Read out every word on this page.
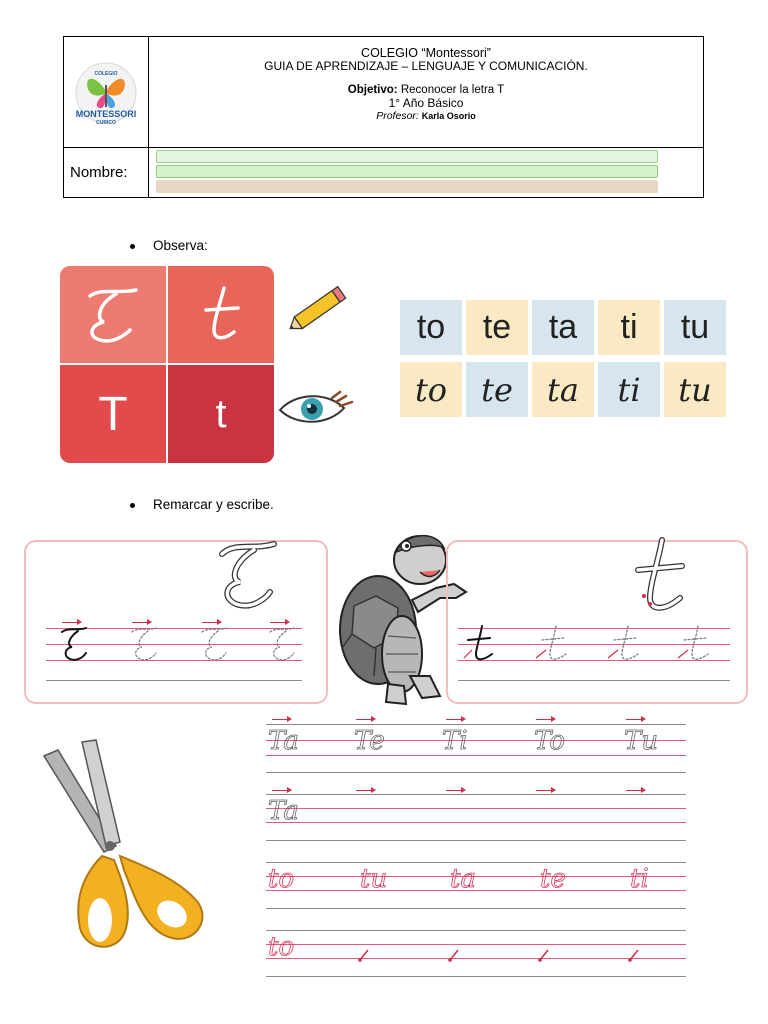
COLEGIO
MONTESSORI
CURICO
COLEGIO “Montessori”
GUIA DE APRENDIZAJE – LENGUAJE Y COMUNICACIÓN.
Objetivo: Reconocer la letra T
1° Año Básico
Profesor: Karla Osorio
Nombre:
Observa:
T	t
to	te	ta	ti	tu
to	te	ta	ti	tu
Remarcar y escribe.
Ta Te Ti	To Tu
Ta
to	tu ta te ti
to
